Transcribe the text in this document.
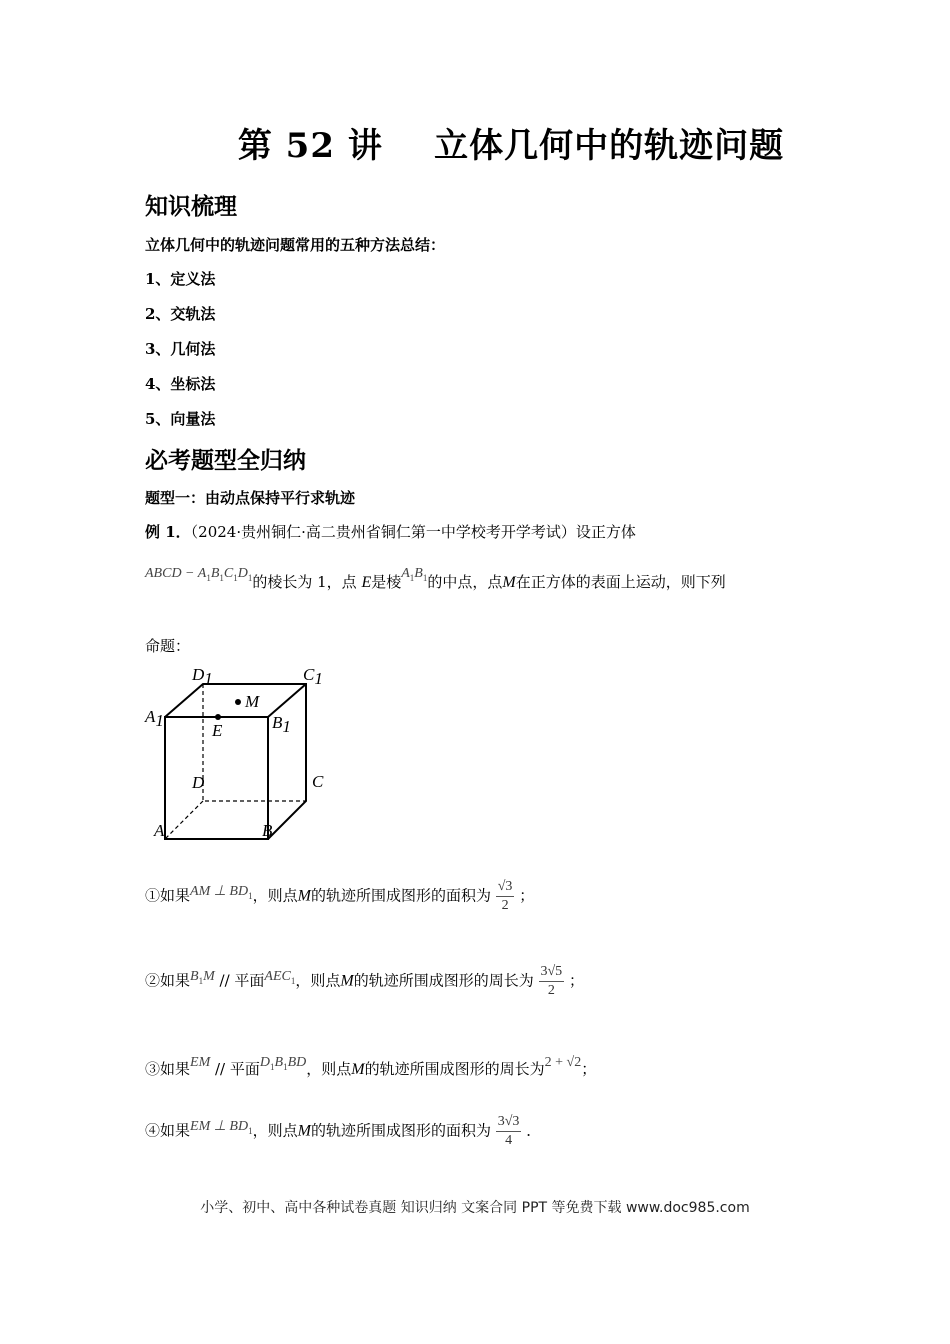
第 52 讲    立体几何中的轨迹问题
知识梳理
立体几何中的轨迹问题常用的五种方法总结：
1、定义法
2、交轨法
3、几何法
4、坐标法
5、向量法
必考题型全归纳
题型一：由动点保持平行求轨迹
例 1．（2024·贵州铜仁·高二贵州省铜仁第一中学校考开学考试）设正方体
ABCD − $A_1B_1C_1D_1$的棱长为 1，点 E是棱$A_1B_1$的中点，点M在正方体的表面上运动，则下列
命题：
D1	C1
A1	B1
M
E
D	C
A	B
①如果AM ⊥ $BD_1$，则点M的轨迹所围成图形的面积为 $\frac{√3}{2}$ ；
②如果$B_1M$ // 平面$AEC_1$，则点M的轨迹所围成图形的周长为 $\frac{3√5}{2}$ ；
③如果EM // 平面$D_1B_1BD$，则点M的轨迹所围成图形的周长为2 + √2；
④如果EM ⊥ $BD_1$，则点M的轨迹所围成图形的面积为 $\frac{3√3}{4}$ ．
小学、初中、高中各种试卷真题 知识归纳 文案合同 PPT 等免费下载 www.doc985.com
